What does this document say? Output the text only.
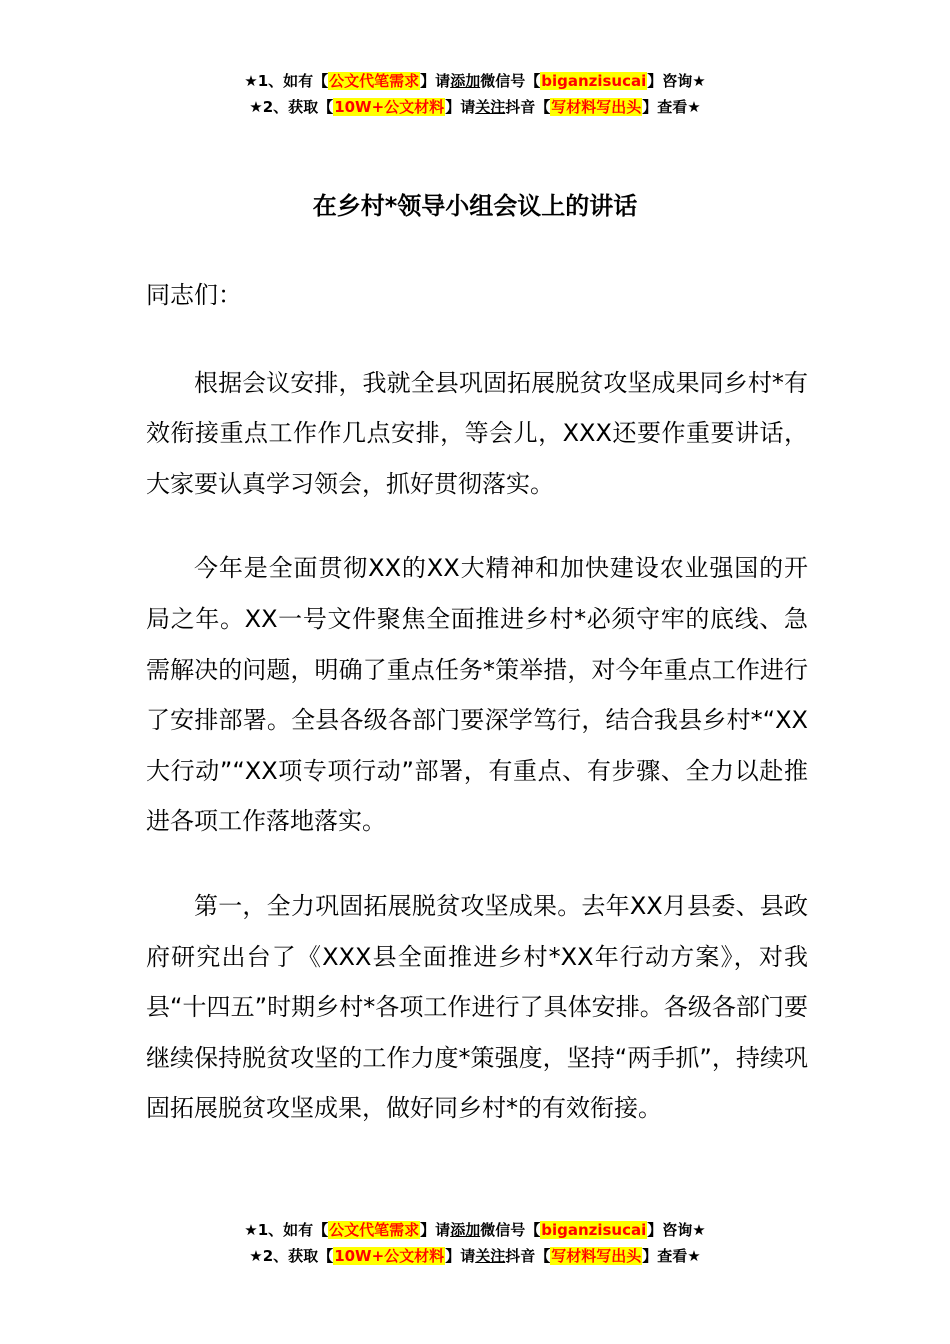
★1、如有【公文代笔需求】请添加微信号【biganzisucai】咨询★
★2、获取【10W+公文材料】请关注抖音【写材料写出头】查看★
在乡村*领导小组会议上的讲话

同志们：

根据会议安排，我就全县巩固拓展脱贫攻坚成果同乡村*有效衔接重点工作作几点安排，等会儿，XXX还要作重要讲话，大家要认真学习领会，抓好贯彻落实。

今年是全面贯彻XX的XX大精神和加快建设农业强国的开局之年。XX一号文件聚焦全面推进乡村*必须守牢的底线、急需解决的问题，明确了重点任务*策举措，对今年重点工作进行了安排部署。全县各级各部门要深学笃行，结合我县乡村*“XX大行动”“XX项专项行动”部署，有重点、有步骤、全力以赴推进各项工作落地落实。

第一，全力巩固拓展脱贫攻坚成果。去年XX月县委、县政府研究出台了《XXX县全面推进乡村*XX年行动方案》，对我县“十四五”时期乡村*各项工作进行了具体安排。各级各部门要继续保持脱贫攻坚的工作力度*策强度，坚持“两手抓”，持续巩固拓展脱贫攻坚成果，做好同乡村*的有效衔接。

★1、如有【公文代笔需求】请添加微信号【biganzisucai】咨询★
★2、获取【10W+公文材料】请关注抖音【写材料写出头】查看★
